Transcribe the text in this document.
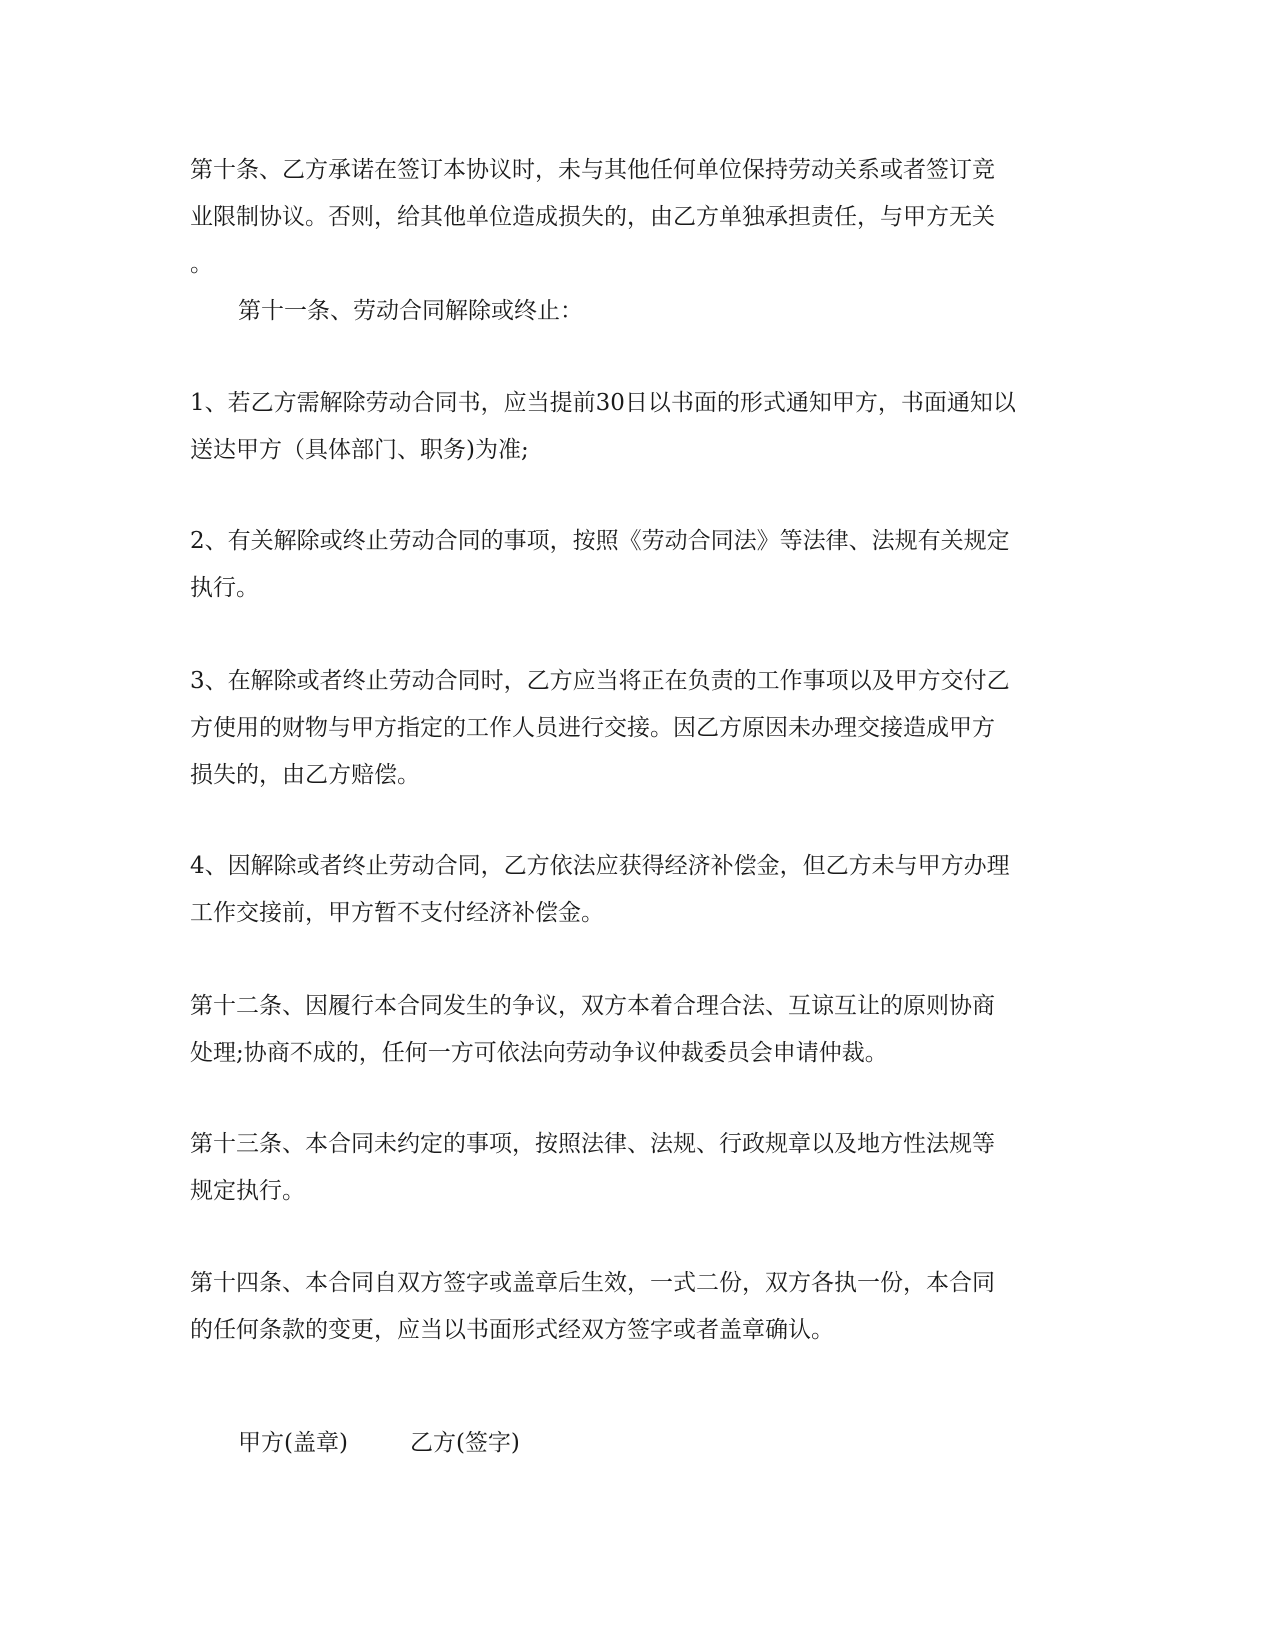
第十条、乙方承诺在签订本协议时，未与其他任何单位保持劳动关系或者签订竞
业限制协议。否则，给其他单位造成损失的，由乙方单独承担责任，与甲方无关
。

第十一条、劳动合同解除或终止：

1、若乙方需解除劳动合同书，应当提前30日以书面的形式通知甲方，书面通知以
送达甲方（具体部门、职务)为准;

2、有关解除或终止劳动合同的事项，按照《劳动合同法》等法律、法规有关规定
执行。

3、在解除或者终止劳动合同时，乙方应当将正在负责的工作事项以及甲方交付乙
方使用的财物与甲方指定的工作人员进行交接。因乙方原因未办理交接造成甲方
损失的，由乙方赔偿。

4、因解除或者终止劳动合同，乙方依法应获得经济补偿金，但乙方未与甲方办理
工作交接前，甲方暂不支付经济补偿金。

第十二条、因履行本合同发生的争议，双方本着合理合法、互谅互让的原则协商
处理;协商不成的，任何一方可依法向劳动争议仲裁委员会申请仲裁。

第十三条、本合同未约定的事项，按照法律、法规、行政规章以及地方性法规等
规定执行。

第十四条、本合同自双方签字或盖章后生效，一式二份，双方各执一份，本合同
的任何条款的变更，应当以书面形式经双方签字或者盖章确认。

甲方(盖章)	乙方(签字)
